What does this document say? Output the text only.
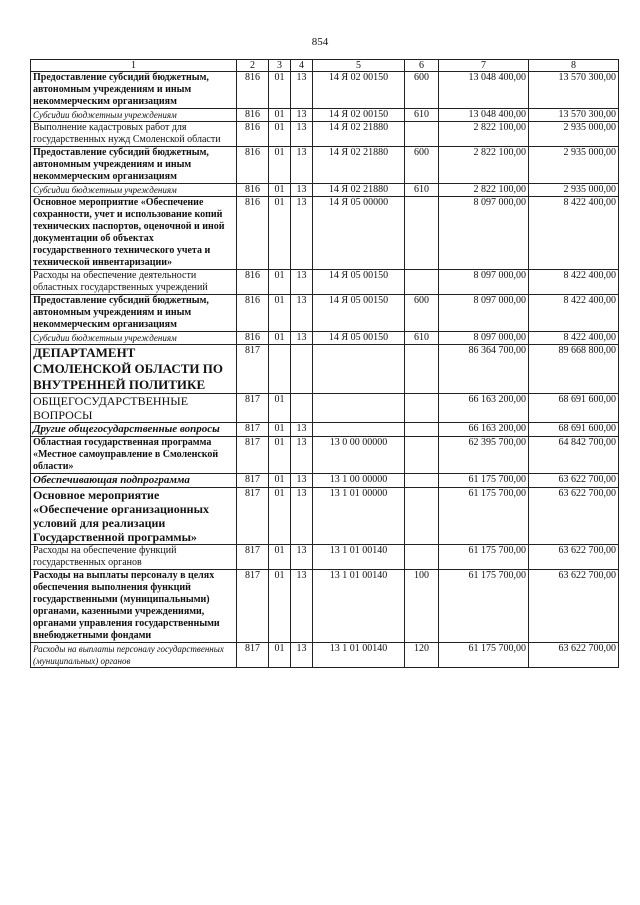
854
1	2	3	4	5	6	7	8
Предоставление субсидий бюджетным, автономным учреждениям и иным некоммерческим организациям	816	01	13	14 Я 02 00150	600	13 048 400,00	13 570 300,00
Субсидии бюджетным учреждениям	816	01	13	14 Я 02 00150	610	13 048 400,00	13 570 300,00
Выполнение кадастровых работ для государственных нужд Смоленской области	816	01	13	14 Я 02 21880		2 822 100,00	2 935 000,00
Предоставление субсидий бюджетным, автономным учреждениям и иным некоммерческим организациям	816	01	13	14 Я 02 21880	600	2 822 100,00	2 935 000,00
Субсидии бюджетным учреждениям	816	01	13	14 Я 02 21880	610	2 822 100,00	2 935 000,00
Основное мероприятие «Обеспечение сохранности, учет и использование копий технических паспортов, оценочной и иной документации об объектах государственного технического учета и технической инвентаризации»	816	01	13	14 Я 05 00000		8 097 000,00	8 422 400,00
Расходы на обеспечение деятельности областных государственных учреждений	816	01	13	14 Я 05 00150		8 097 000,00	8 422 400,00
Предоставление субсидий бюджетным, автономным учреждениям и иным некоммерческим организациям	816	01	13	14 Я 05 00150	600	8 097 000,00	8 422 400,00
Субсидии бюджетным учреждениям	816	01	13	14 Я 05 00150	610	8 097 000,00	8 422 400,00
ДЕПАРТАМЕНТ СМОЛЕНСКОЙ ОБЛАСТИ ПО ВНУТРЕННЕЙ ПОЛИТИКЕ	817					86 364 700,00	89 668 800,00
ОБЩЕГОСУДАРСТВЕННЫЕ ВОПРОСЫ	817	01				66 163 200,00	68 691 600,00
Другие общегосударственные вопросы	817	01	13			66 163 200,00	68 691 600,00
Областная государственная программа «Местное самоуправление в Смоленской области»	817	01	13	13 0 00 00000		62 395 700,00	64 842 700,00
Обеспечивающая подпрограмма	817	01	13	13 1 00 00000		61 175 700,00	63 622 700,00
Основное мероприятие «Обеспечение организационных условий для реализации Государственной программы»	817	01	13	13 1 01 00000		61 175 700,00	63 622 700,00
Расходы на обеспечение функций государственных органов	817	01	13	13 1 01 00140		61 175 700,00	63 622 700,00
Расходы на выплаты персоналу в целях обеспечения выполнения функций государственными (муниципальными) органами, казенными учреждениями, органами управления государственными внебюджетными фондами	817	01	13	13 1 01 00140	100	61 175 700,00	63 622 700,00
Расходы на выплаты персоналу государственных (муниципальных) органов	817	01	13	13 1 01 00140	120	61 175 700,00	63 622 700,00
